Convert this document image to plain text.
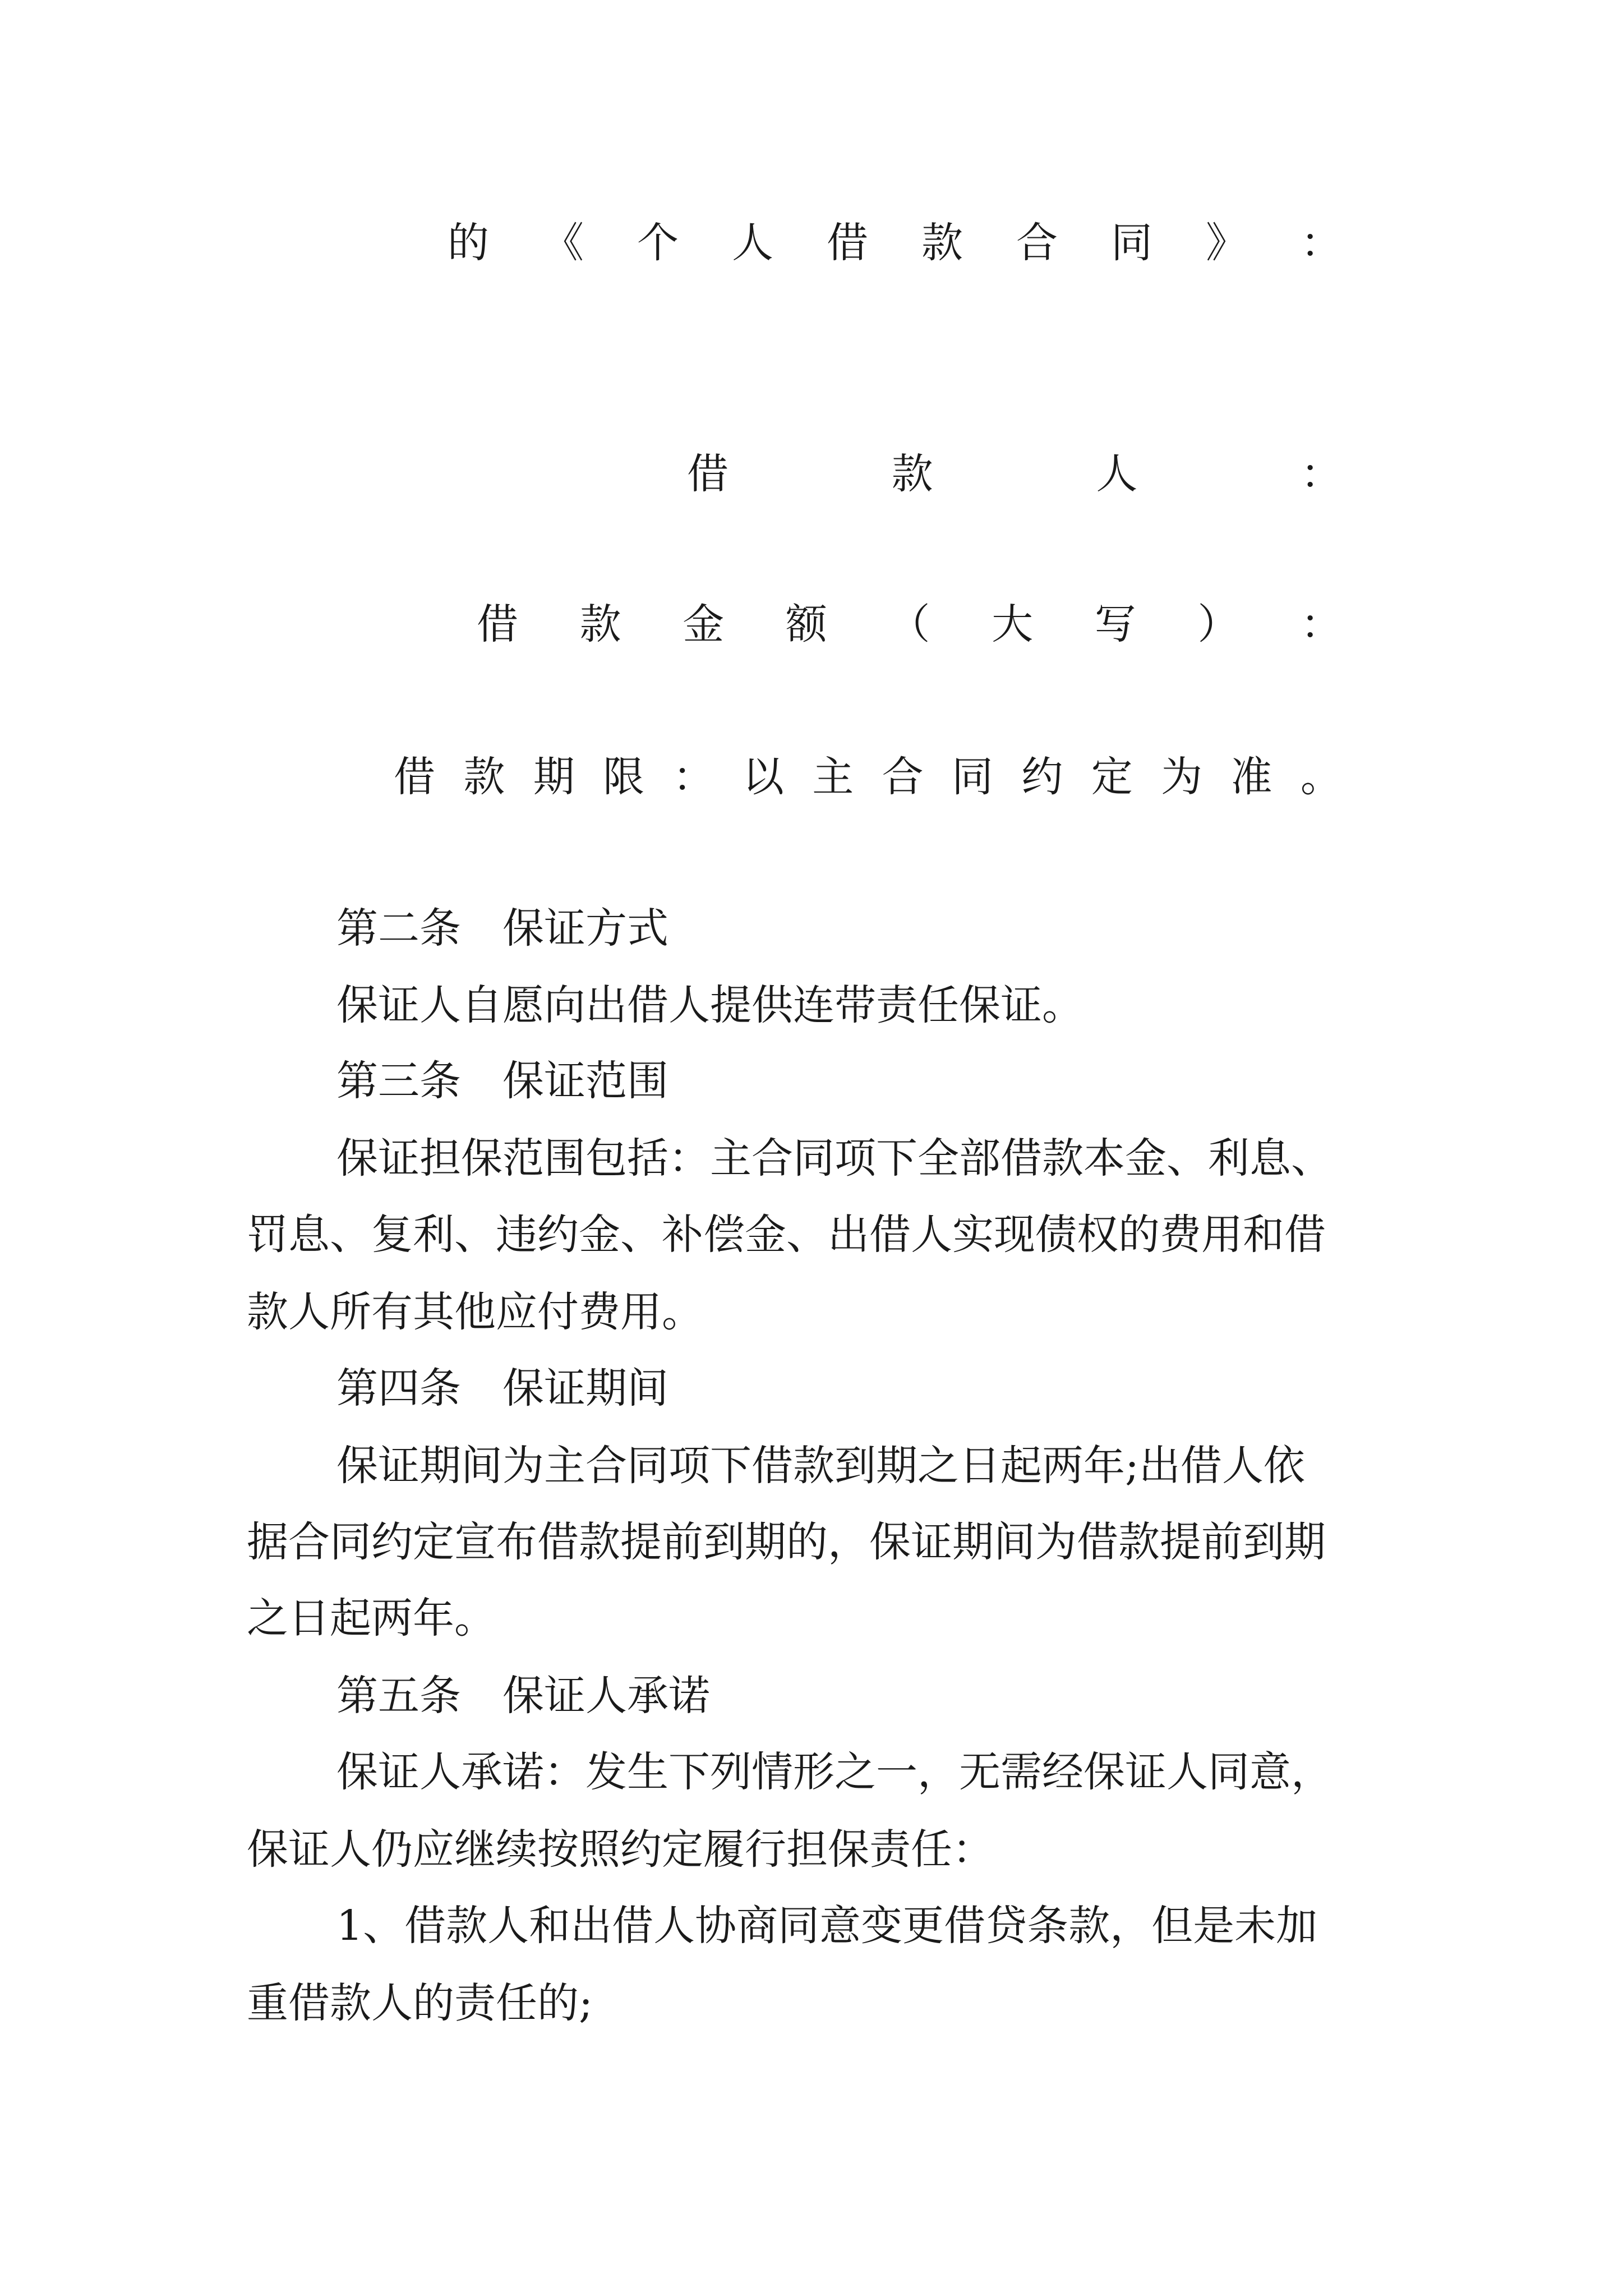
的 《 个 人 借 款 合 同 》 ：
借	款	人	：
借 款 金 额 （ 大 写 ） ：
借 款 期 限 ： 以 主 合 同 约 定 为 准 。

第二条　保证方式

保证人自愿向出借人提供连带责任保证。

第三条　保证范围

保证担保范围包括：主合同项下全部借款本金、利息、

罚息、复利、违约金、补偿金、出借人实现债权的费用和借

款人所有其他应付费用。

第四条　保证期间

保证期间为主合同项下借款到期之日起两年;出借人依

据合同约定宣布借款提前到期的，保证期间为借款提前到期

之日起两年。

第五条　保证人承诺

保证人承诺：发生下列情形之一，无需经保证人同意，

保证人仍应继续按照约定履行担保责任：

1、借款人和出借人协商同意变更借贷条款，但是未加

重借款人的责任的;
